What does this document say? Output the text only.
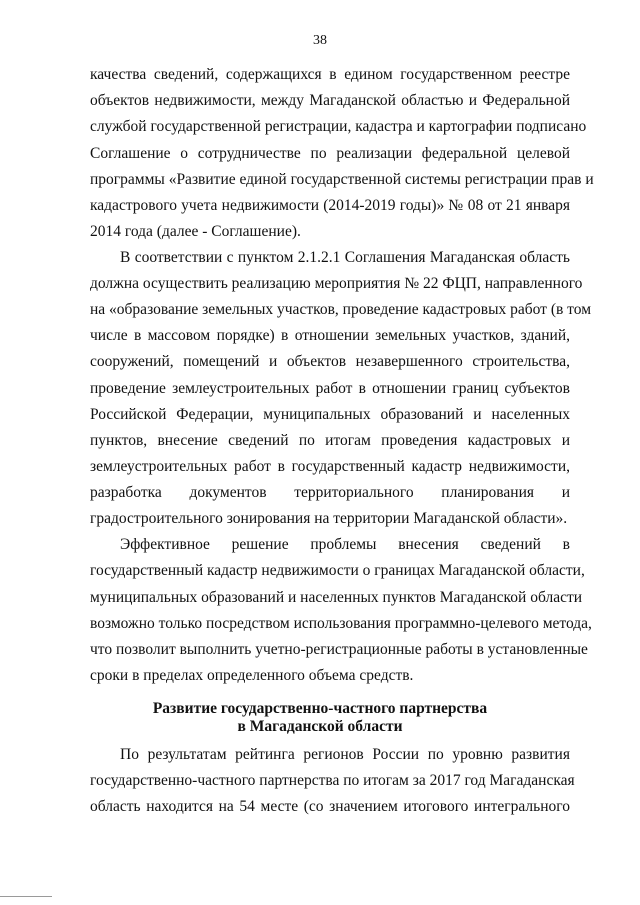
38
качества сведений, содержащихся в едином государственном реестре
объектов недвижимости, между Магаданской областью и Федеральной
службой государственной регистрации, кадастра и картографии подписано
Соглашение о сотрудничестве по реализации федеральной целевой
программы «Развитие единой государственной системы регистрации прав и
кадастрового учета недвижимости (2014-2019 годы)» № 08 от 21 января
2014 года (далее - Соглашение).
В соответствии с пунктом 2.1.2.1 Соглашения Магаданская область
должна осуществить реализацию мероприятия № 22 ФЦП, направленного
на «образование земельных участков, проведение кадастровых работ (в том
числе в массовом порядке) в отношении земельных участков, зданий,
сооружений, помещений и объектов незавершенного строительства,
проведение землеустроительных работ в отношении границ субъектов
Российской Федерации, муниципальных образований и населенных
пунктов, внесение сведений по итогам проведения кадастровых и
землеустроительных работ в государственный кадастр недвижимости,
разработка документов территориального планирования и
градостроительного зонирования на территории Магаданской области».
Эффективное решение проблемы внесения сведений в
государственный кадастр недвижимости о границах Магаданской области,
муниципальных образований и населенных пунктов Магаданской области
возможно только посредством использования программно-целевого метода,
что позволит выполнить учетно-регистрационные работы в установленные
сроки в пределах определенного объема средств.
Развитие государственно-частного партнерства
в Магаданской области
По результатам рейтинга регионов России по уровню развития
государственно-частного партнерства по итогам за 2017 год Магаданская
область находится на 54 месте (со значением итогового интегрального
